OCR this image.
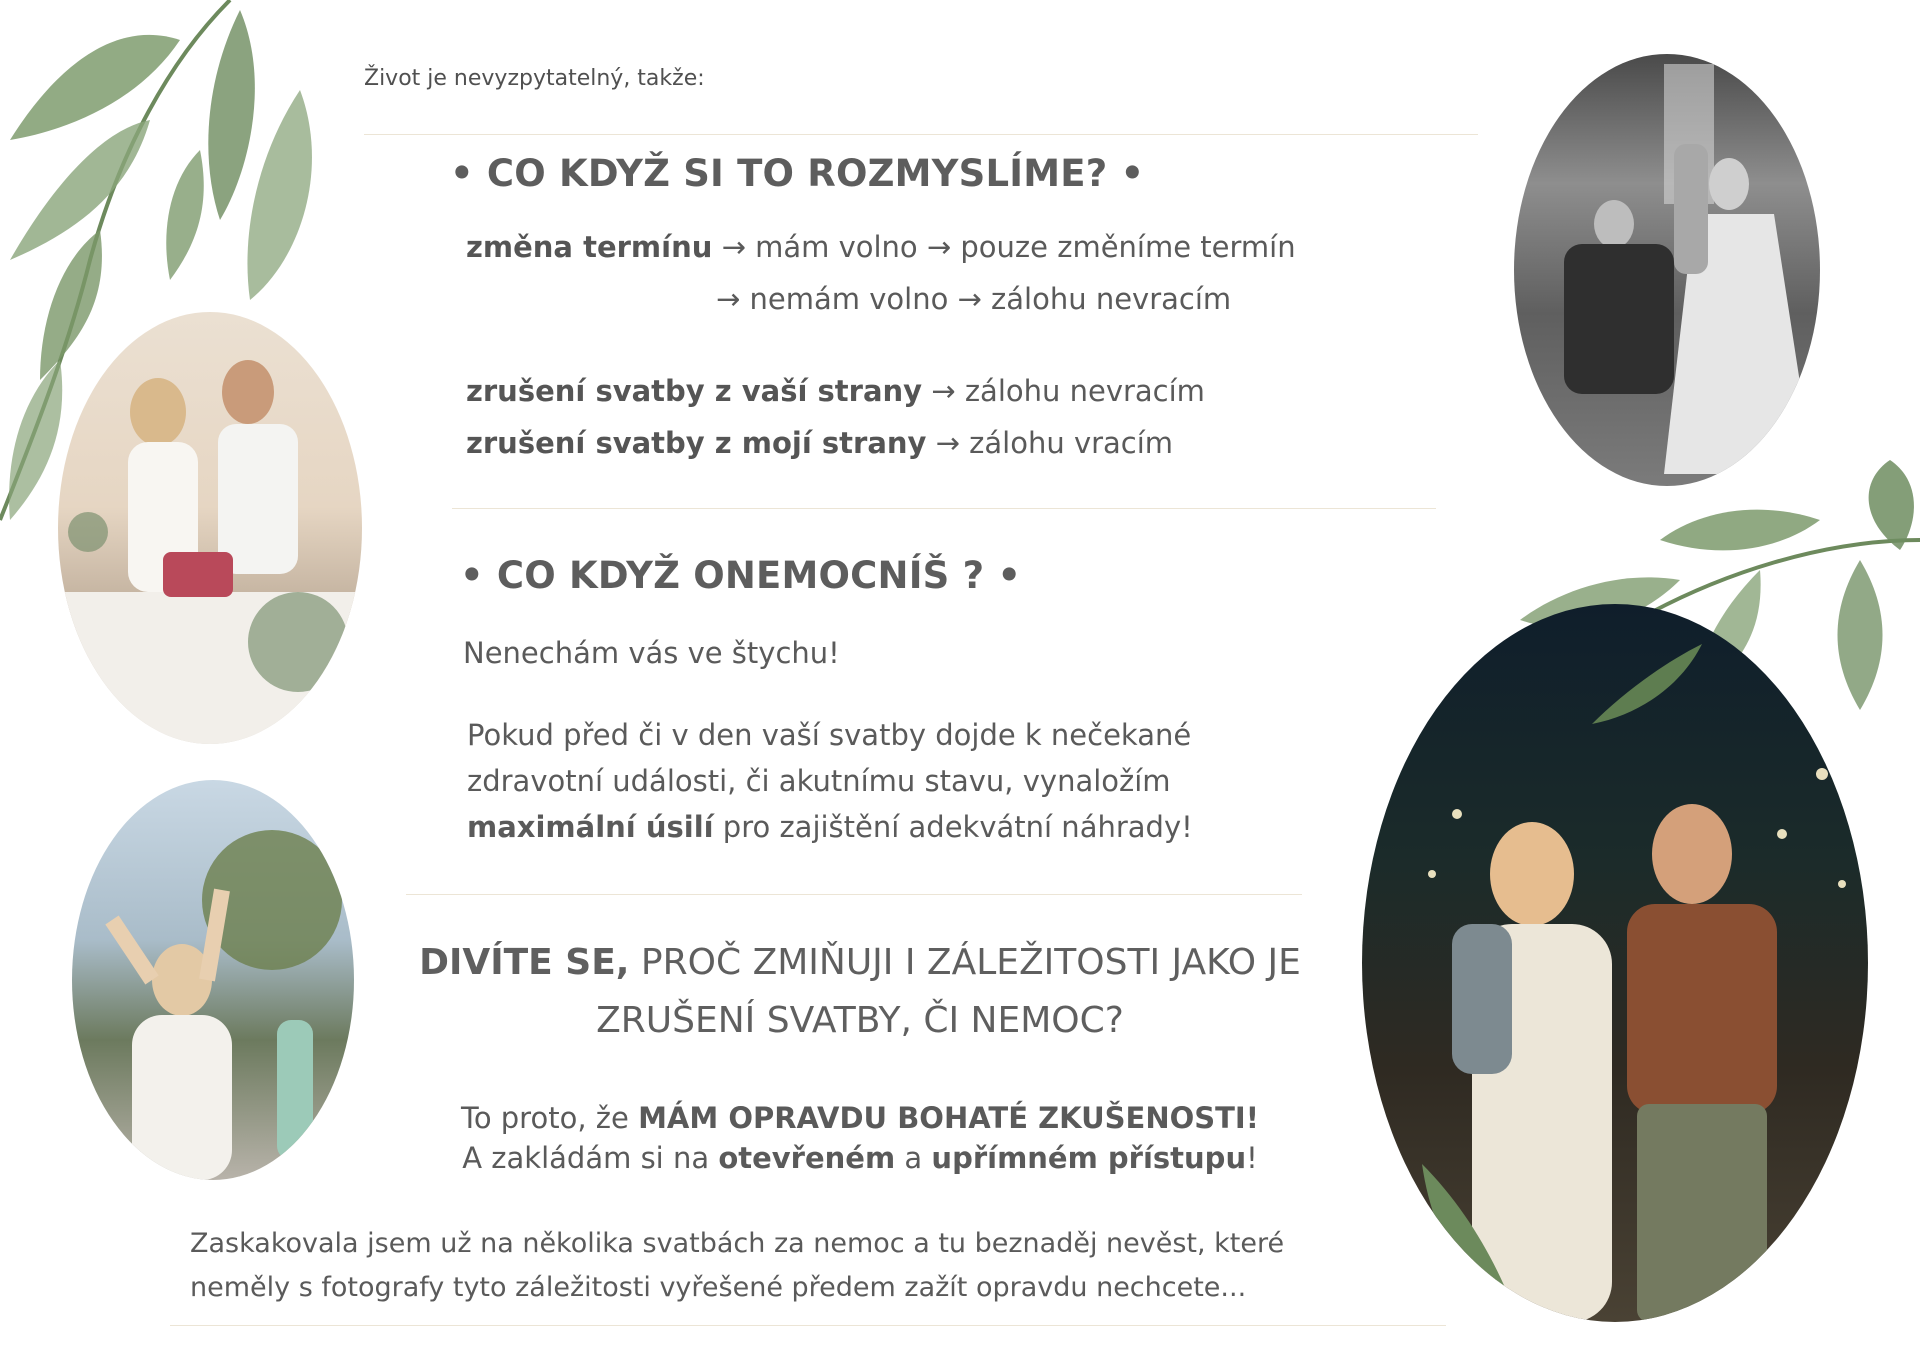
Život je nevyzpytatelný, takže:
• CO KDYŽ SI TO ROZMYSLÍME? •
změna termínu → mám volno → pouze změníme termín
→ nemám volno → zálohu nevracím
zrušení svatby z vaší strany → zálohu nevracím
zrušení svatby z mojí strany → zálohu vracím
• CO KDYŽ ONEMOCNÍŠ ? •
Nenechám vás ve štychu!
Pokud před či v den vaší svatby dojde k nečekané
zdravotní události, či akutnímu stavu, vynaložím
maximální úsilí pro zajištění adekvátní náhrady!
DIVÍTE SE, PROČ ZMIŇUJI I ZÁLEŽITOSTI JAKO JE
ZRUŠENÍ SVATBY, ČI NEMOC?
To proto, že MÁM OPRAVDU BOHATÉ ZKUŠENOSTI!
A zakládám si na otevřeném a upřímném přístupu!
Zaskakovala jsem už na několika svatbách za nemoc a tu beznaděj nevěst, které
neměly s fotografy tyto záležitosti vyřešené předem zažít opravdu nechcete...
